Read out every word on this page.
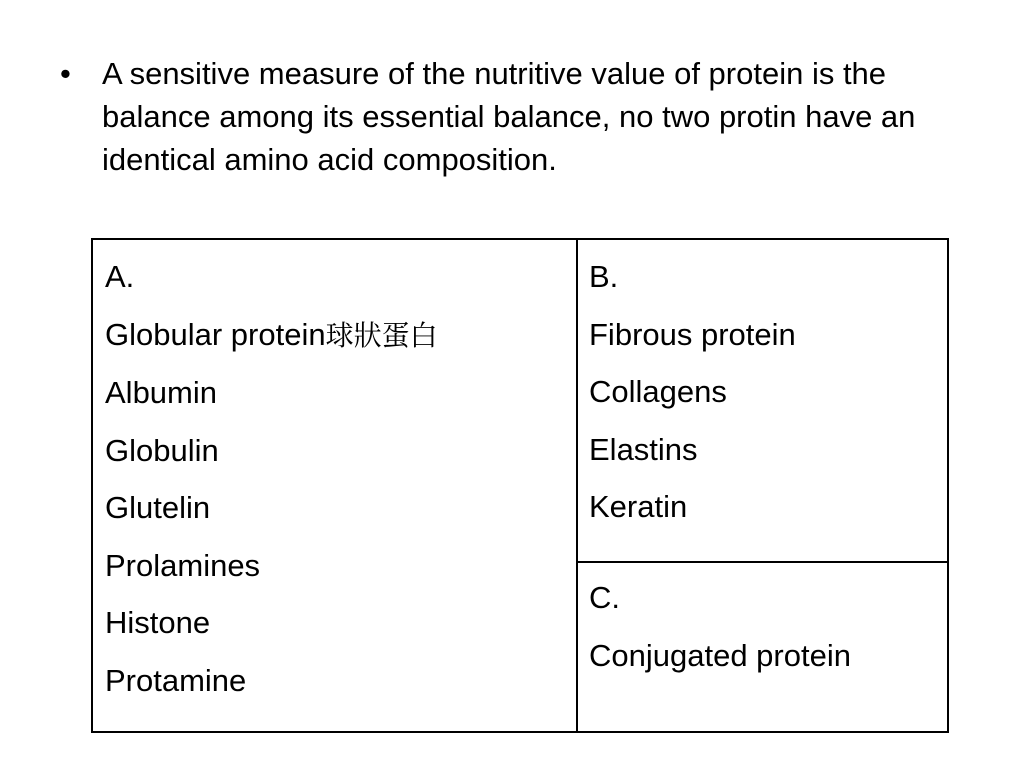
•	A sensitive measure of the nutritive value of protein is the balance among its essential balance, no two protin have an identical amino acid composition.
A.
Globular protein球狀蛋白
Albumin
Globulin
Glutelin
Prolamines
Histone
Protamine
B.
Fibrous protein
Collagens
Elastins
Keratin
C.
Conjugated protein
